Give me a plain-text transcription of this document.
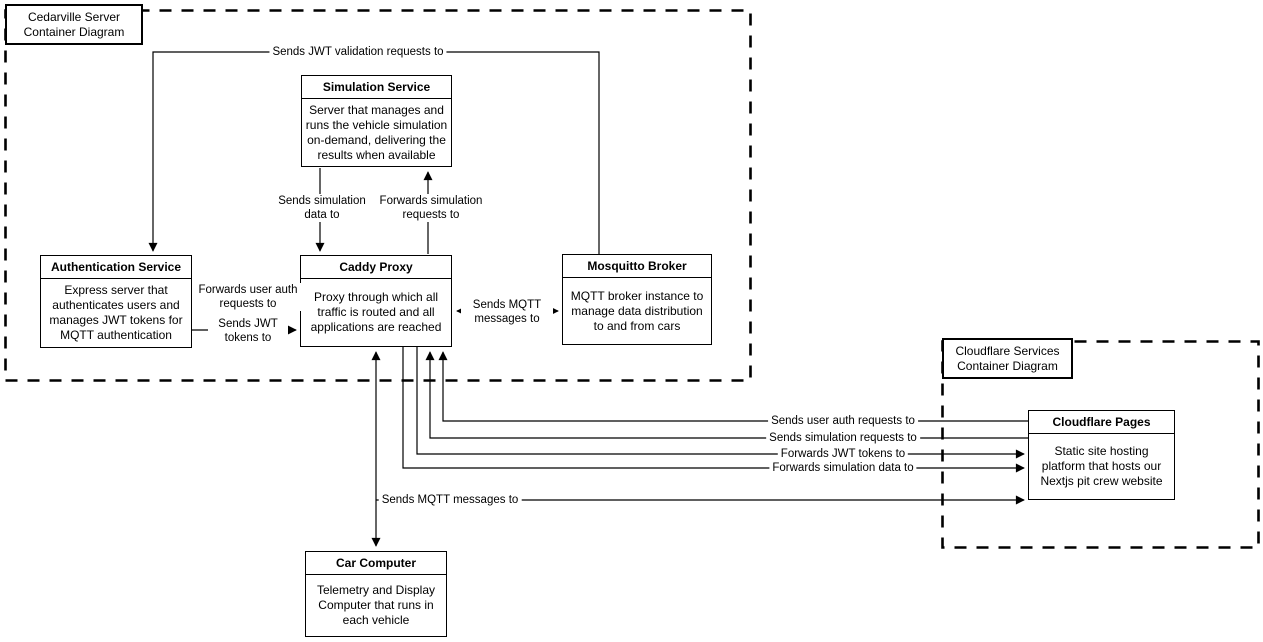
Cedarville Server Container Diagram
Cloudflare Services Container Diagram
Simulation Service
Server that manages and runs the vehicle simulation on-demand, delivering the results when available
Authentication Service
Express server that authenticates users and manages JWT tokens for MQTT authentication
Caddy Proxy
Proxy through which all traffic is routed and all applications are reached
Mosquitto Broker
MQTT broker instance to manage data distribution to and from cars
Cloudflare Pages
Static site hosting platform that hosts our Nextjs pit crew website
Car Computer
Telemetry and Display Computer that runs in each vehicle
Sends JWT validation requests to
Sends simulation data to
Forwards simulation requests to
Forwards user auth requests to
Sends JWT tokens to
Sends MQTT messages to
Sends user auth requests to
Sends simulation requests to
Forwards JWT tokens to
Forwards simulation data to
Sends MQTT messages to
